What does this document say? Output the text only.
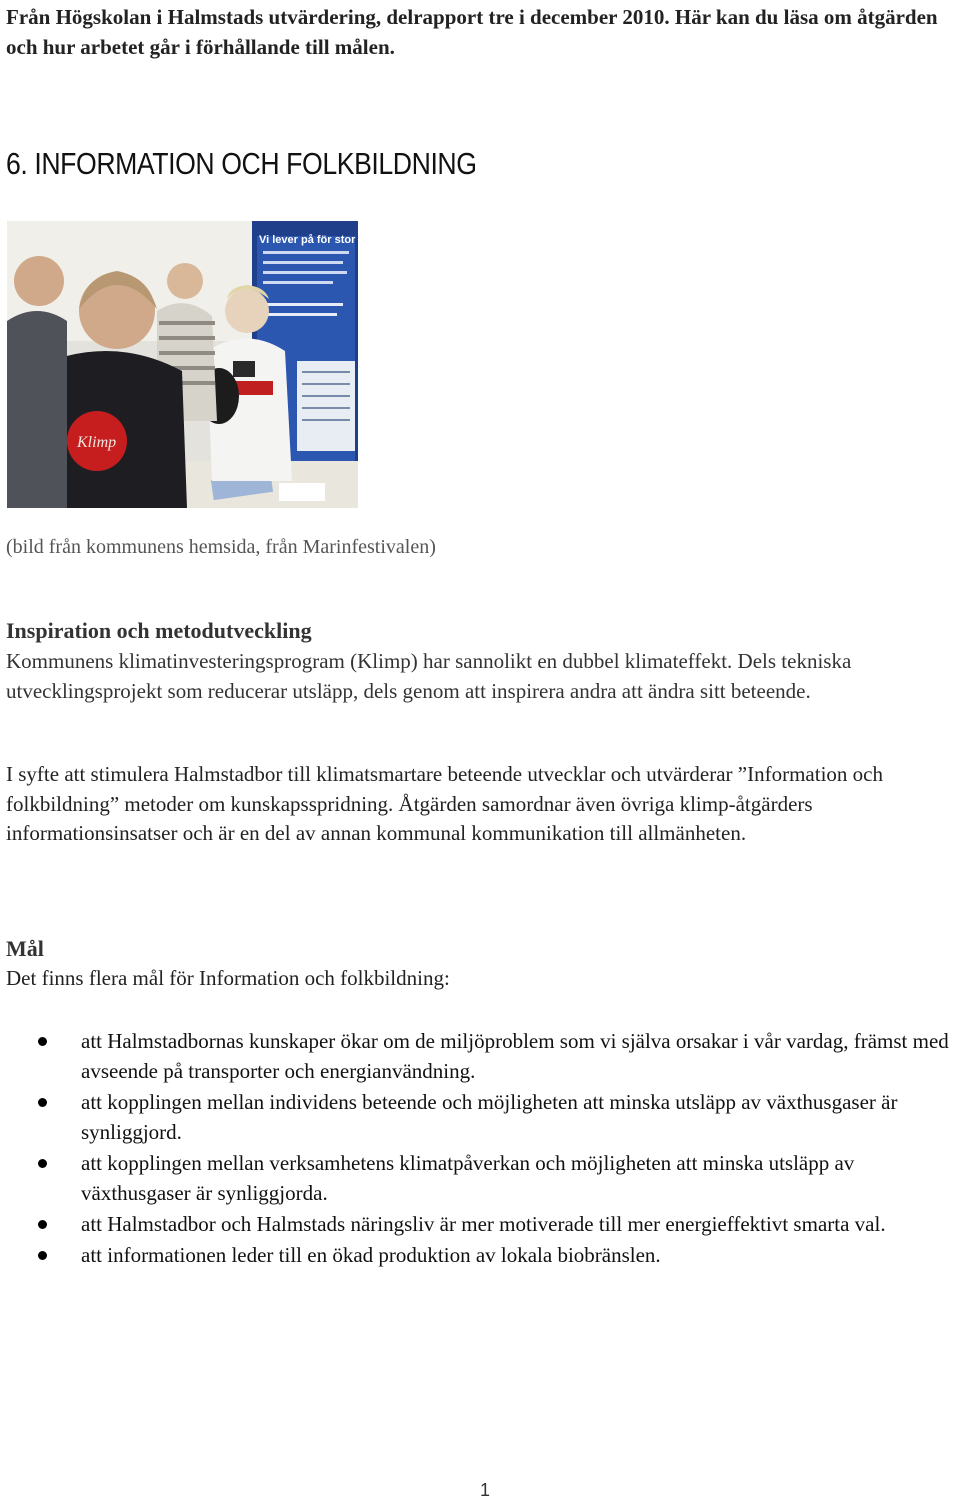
Från Högskolan i Halmstads utvärdering, delrapport tre i december 2010. Här kan du läsa om åtgärden och hur arbetet går i förhållande till målen.
6. INFORMATION OCH FOLKBILDNING
Vi lever på för stor
Klimp
(bild från kommunens hemsida, från Marinfestivalen)
Inspiration och metodutveckling
Kommunens klimatinvesteringsprogram (Klimp) har sannolikt en dubbel klimateffekt. Dels tekniska utvecklingsprojekt som reducerar utsläpp, dels genom att inspirera andra att ändra sitt beteende.
I syfte att stimulera Halmstadbor till klimatsmartare beteende utvecklar och utvärderar ”Information och folkbildning” metoder om kunskapsspridning. Åtgärden samordnar även övriga klimp-åtgärders informationsinsatser och är en del av annan kommunal kommunikation till allmänheten.
Mål
Det finns flera mål för Information och folkbildning:
att Halmstadbornas kunskaper ökar om de miljöproblem som vi själva orsakar i vår vardag, främst med avseende på transporter och energianvändning.
att kopplingen mellan individens beteende och möjligheten att minska utsläpp av växthusgaser är synliggjord.
att kopplingen mellan verksamhetens klimatpåverkan och möjligheten att minska utsläpp av växthusgaser är synliggjorda.
att Halmstadbor och Halmstads näringsliv är mer motiverade till mer energieffektivt smarta val.
att informationen leder till en ökad produktion av lokala biobränslen.
1
